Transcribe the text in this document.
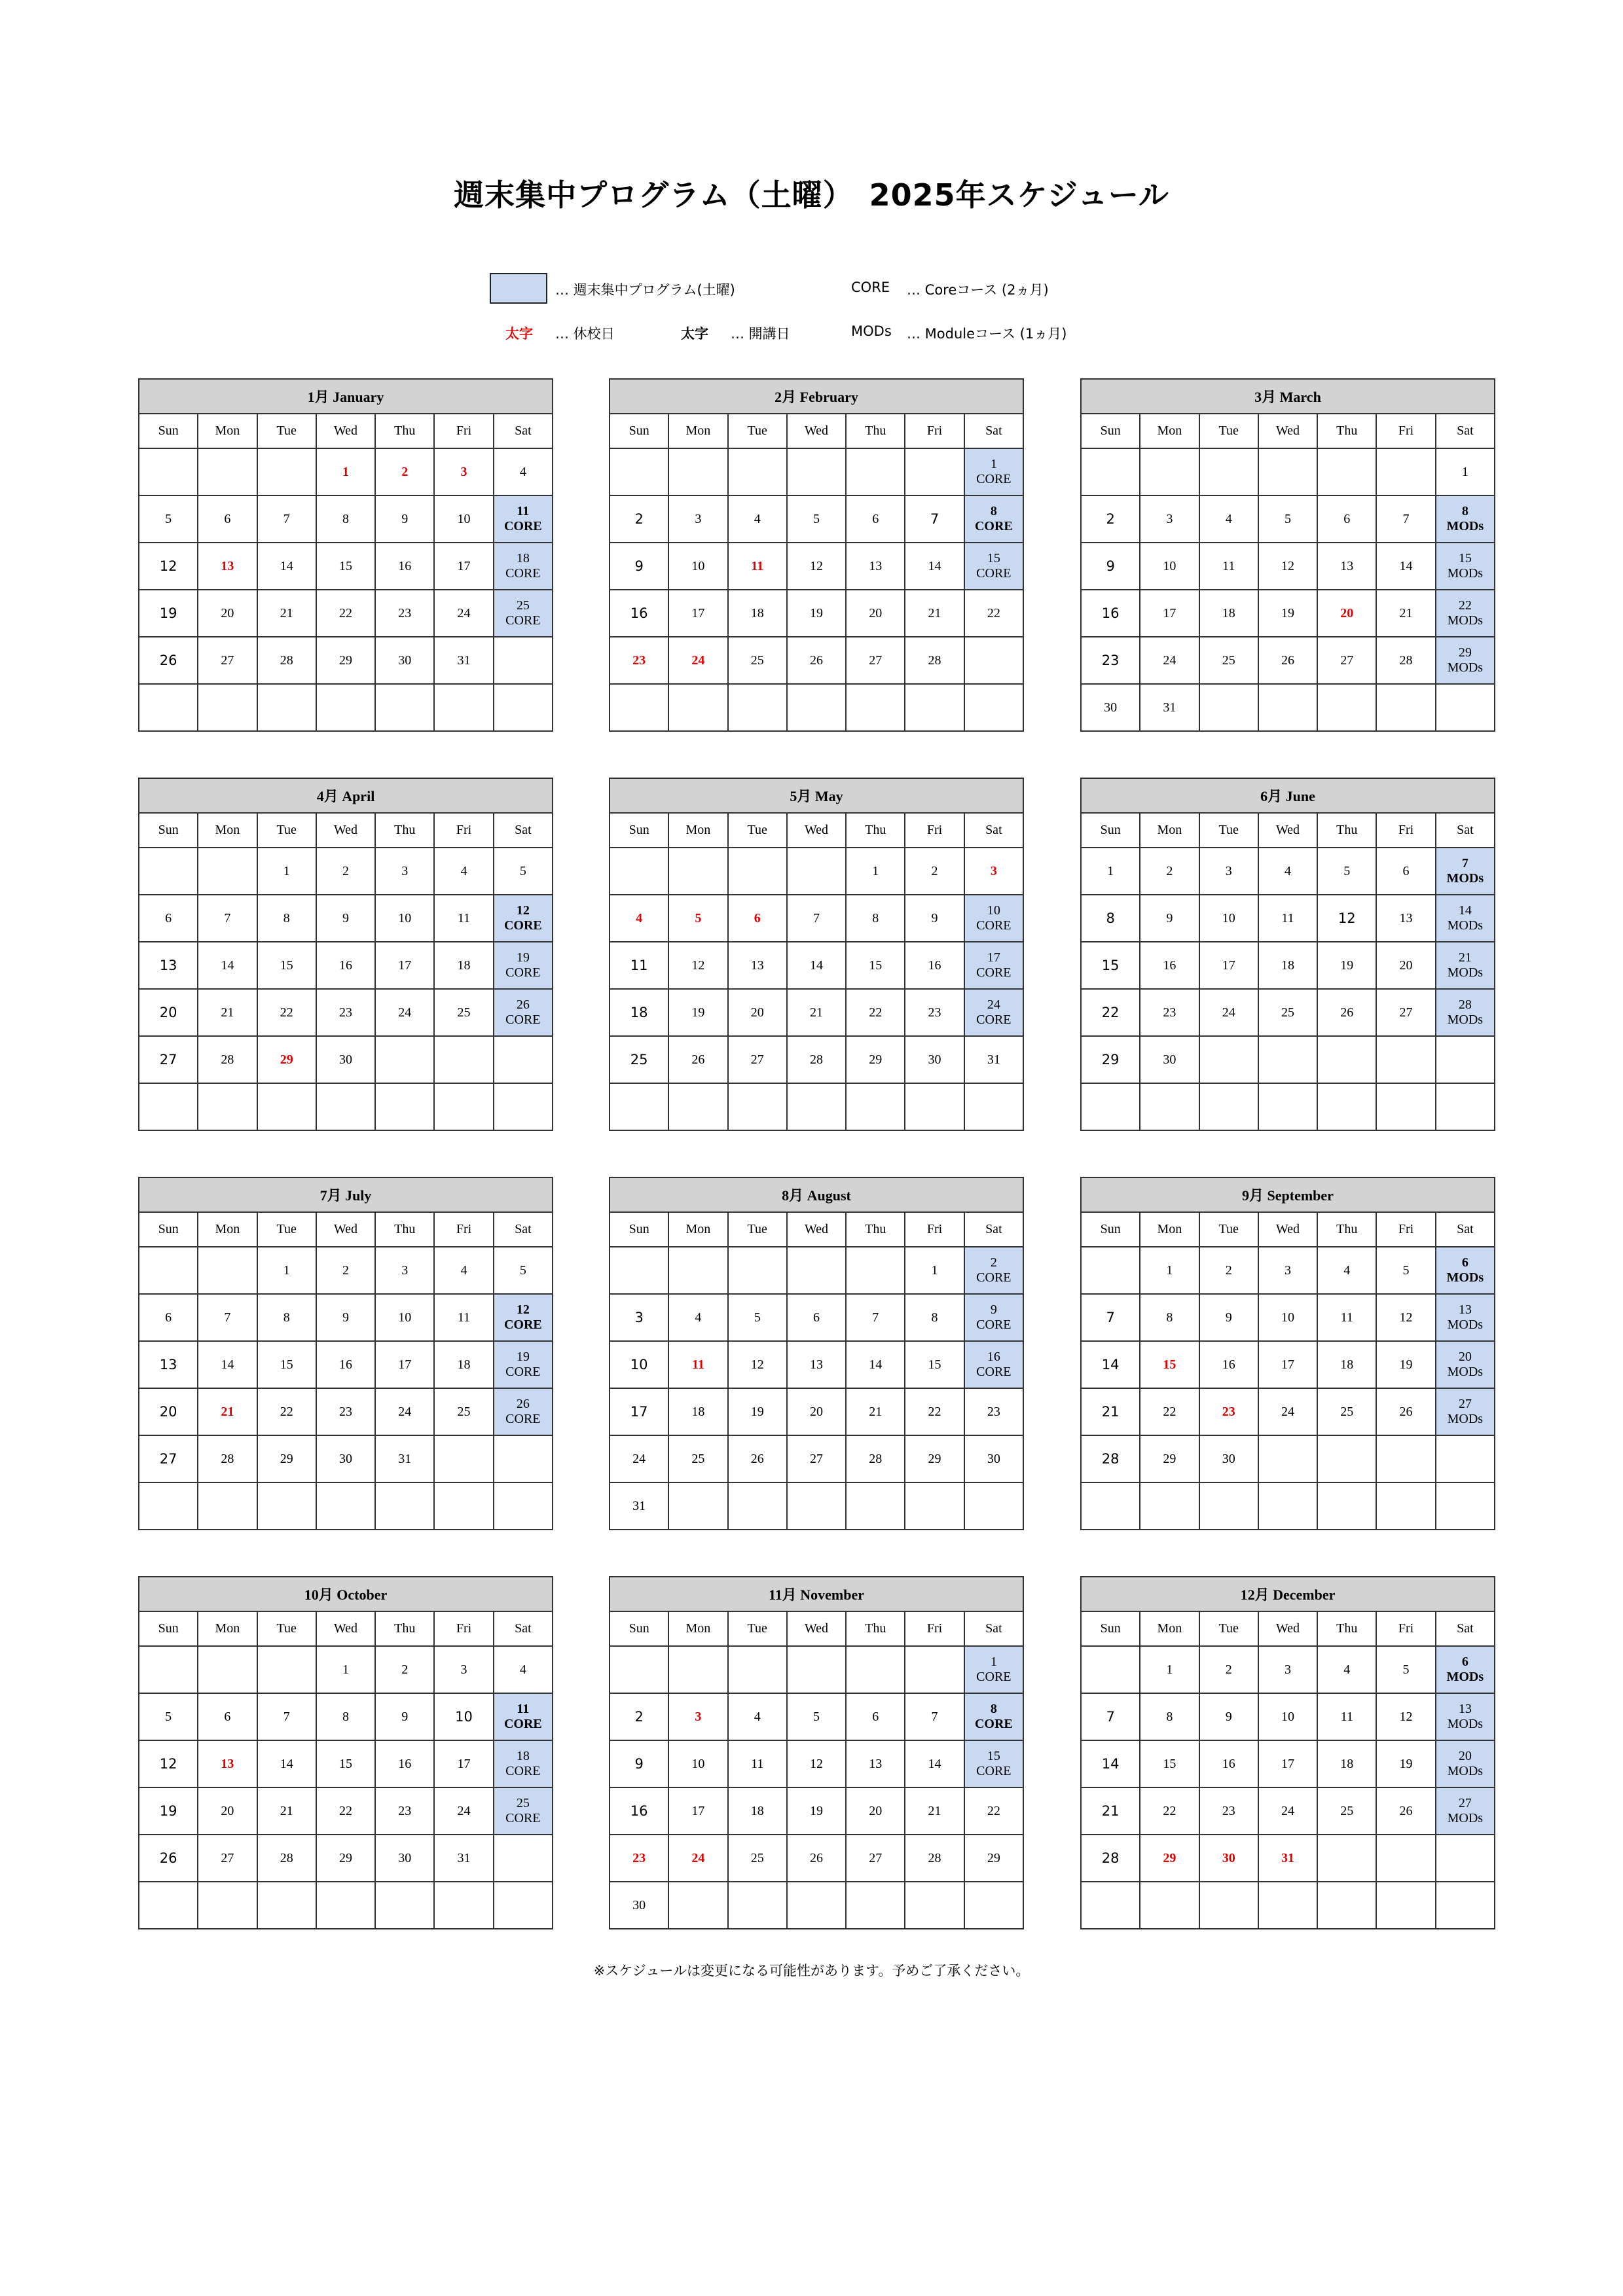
週末集中プログラム（土曜）　2025年スケジュール
… 週末集中プログラム(土曜)	CORE … Coreコース (2ヵ月)
太字 … 休校日	太字 … 開講日	MODs … Moduleコース (1ヵ月)
1月 January						
Sun	Mon	Tue	Wed	Thu	Fri	Sat
			1	2	3	4
5	6	7	8	9	10	11
CORE

12	13	14	15	16	17	18
CORE

19	20	21	22	23	24	25
CORE

26	27	28	29	30	31	

2月 February						
Sun	Mon	Tue	Wed	Thu	Fri	Sat

						1
CORE

2	3	4	5	6	7	8
CORE

9	10	11	12	13	14	15
CORE

16	17	18	19	20	21	22
23	24	25	26	27	28	

3月 March						
Sun	Mon	Tue	Wed	Thu	Fri	Sat
						1
2	3	4	5	6	7	8
MODs

9	10	11	12	13	14	15
MODs

16	17	18	19	20	21	22
MODs

23	24	25	26	27	28	29
MODs

30	31					
4月 April						
Sun	Mon	Tue	Wed	Thu	Fri	Sat
		1	2	3	4	5
6	7	8	9	10	11	12
CORE

13	14	15	16	17	18	19
CORE

20	21	22	23	24	25	26
CORE

27	28	29	30			

5月 May						
Sun	Mon	Tue	Wed	Thu	Fri	Sat
				1	2	3
4	5	6	7	8	9	10
CORE

11	12	13	14	15	16	17
CORE

18	19	20	21	22	23	24
CORE

25	26	27	28	29	30	31

6月 June						
Sun	Mon	Tue	Wed	Thu	Fri	Sat
1	2	3	4	5	6	7
MODs

8	9	10	11	12	13	14
MODs

15	16	17	18	19	20	21
MODs

22	23	24	25	26	27	28
MODs

29	30					

7月 July						
Sun	Mon	Tue	Wed	Thu	Fri	Sat
		1	2	3	4	5
6	7	8	9	10	11	12
CORE

13	14	15	16	17	18	19
CORE

20	21	22	23	24	25	26
CORE

27	28	29	30	31		

8月 August						
Sun	Mon	Tue	Wed	Thu	Fri	Sat
					1	2
CORE

3	4	5	6	7	8	9
CORE

10	11	12	13	14	15	16
CORE

17	18	19	20	21	22	23
24	25	26	27	28	29	30
31						
9月 September						
Sun	Mon	Tue	Wed	Thu	Fri	Sat
	1	2	3	4	5	6
MODs

7	8	9	10	11	12	13
MODs

14	15	16	17	18	19	20
MODs

21	22	23	24	25	26	27
MODs

28	29	30				

10月 October						
Sun	Mon	Tue	Wed	Thu	Fri	Sat
			1	2	3	4
5	6	7	8	9	10	11
CORE

12	13	14	15	16	17	18
CORE

19	20	21	22	23	24	25
CORE

26	27	28	29	30	31	

11月 November						
Sun	Mon	Tue	Wed	Thu	Fri	Sat

						1
CORE

2	3	4	5	6	7	8
CORE

9	10	11	12	13	14	15
CORE

16	17	18	19	20	21	22
23	24	25	26	27	28	29
30						
12月 December						
Sun	Mon	Tue	Wed	Thu	Fri	Sat
	1	2	3	4	5	6
MODs

7	8	9	10	11	12	13
MODs

14	15	16	17	18	19	20
MODs

21	22	23	24	25	26	27
MODs

28	29	30	31			

※スケジュールは変更になる可能性があります。予めご了承ください。
